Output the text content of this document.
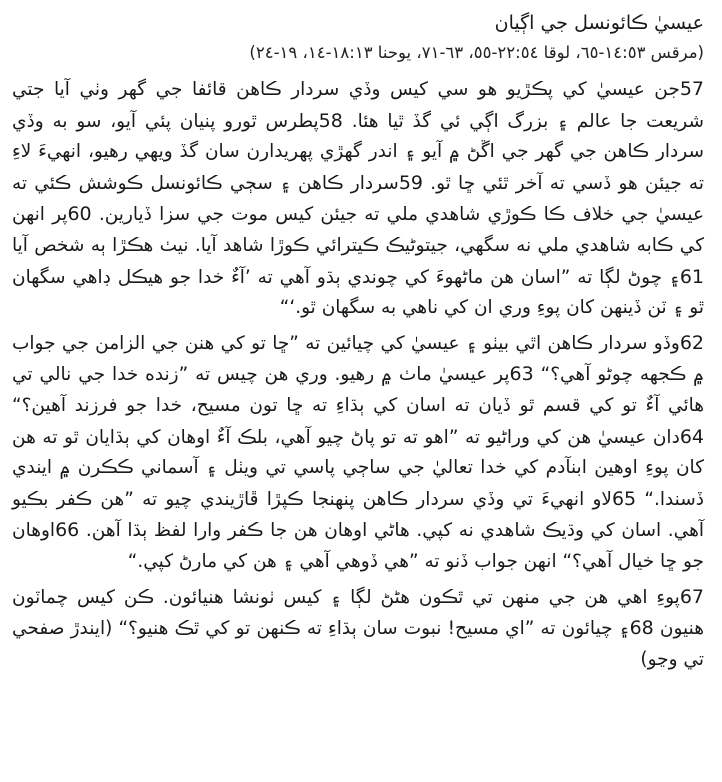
عيسيٰ ڪائونسل جي اڳيان
(مرقس ١٤:٥٣-٦٥، لوقا ٢٢:٥٤-٥٥، ٦٣-٧١، يوحنا ١٨:١٣-١٤، ١٩-٢٤)

57جن عيسيٰ کي پڪڙيو هو سي کيس وڏي سردار ڪاهن قائفا جي گهر وٺي آيا جتي شريعت جا عالم ۽ بزرگ اڳي ئي گڏ ٿيا هئا. 58پطرس ٿورو پنيان پئي آيو، سو به وڏي سردار ڪاهن جي گهر جي اڱڻ ۾ آيو ۽ اندر گهڙي پهريدارن سان گڏ ويهي رهيو، انهيءَ لاءِ ته جيئن هو ڏسي ته آخر ٿئي ڇا ٿو. 59سردار ڪاهن ۽ سڄي ڪائونسل ڪوشش ڪئي ته عيسيٰ جي خلاف ڪا ڪوڙي شاهدي ملي ته جيئن کيس موت جي سزا ڏيارين. 60پر انهن کي ڪابه شاهدي ملي نه سگهي، جيتوڻيڪ ڪيترائي ڪوڙا شاهد آيا. نيٺ هڪڙا ٻه شخص آيا 61۽ چوڻ لڳا ته ”اسان هن ماڻهوءَ کي چوندي ٻڌو آهي ته ’آءٌ خدا جو هيڪل ڊاهي سگهان ٿو ۽ ٽن ڏينهن کان پوءِ وري ان کي ناهي به سگهان ٿو.‘“

62وڏو سردار ڪاهن اٿي بيٺو ۽ عيسيٰ کي چيائين ته ”ڇا تو کي هنن جي الزامن جي جواب ۾ ڪجهه چوڻو آهي؟“ 63پر عيسيٰ ماٺ ۾ رهيو. وري هن چيس ته ”زنده خدا جي نالي تي هائي آءٌ تو کي قسم ٿو ڏيان ته اسان کي ٻڌاءِ ته ڇا تون مسيح، خدا جو فرزند آهين؟“ 64دان عيسيٰ هن کي وراڻيو ته ”اهو ته تو پاڻ چيو آهي، بلڪ آءٌ اوهان کي ٻڌايان ٿو ته هن کان پوءِ اوهين ابنآدم کي خدا تعاليٰ جي ساڄي پاسي تي ويٺل ۽ آسماني ڪڪرن ۾ ايندي ڏسندا.“ 65لاو انهيءَ تي وڏي سردار ڪاهن پنهنجا ڪپڙا ڦاڙيندي چيو ته ”هن ڪفر بڪيو آهي. اسان کي وڌيڪ شاهدي نه کپي. هاڻي اوهان هن جا ڪفر وارا لفظ ٻڌا آهن. 66اوهان جو ڇا خيال آهي؟“ انهن جواب ڏنو ته ”هي ڏوهي آهي ۽ هن کي مارڻ کپي.“

67پوءِ اهي هن جي منهن تي ٿڪون هڻڻ لڳا ۽ کيس ٺونشا هنيائون. ڪن کيس چماٽون هنيون 68۽ چيائون ته ”اي مسيح! نبوت سان ٻڌاءِ ته ڪنهن تو کي ٿڪ هنيو؟“ (ايندڙ صفحي تي وڃو)
